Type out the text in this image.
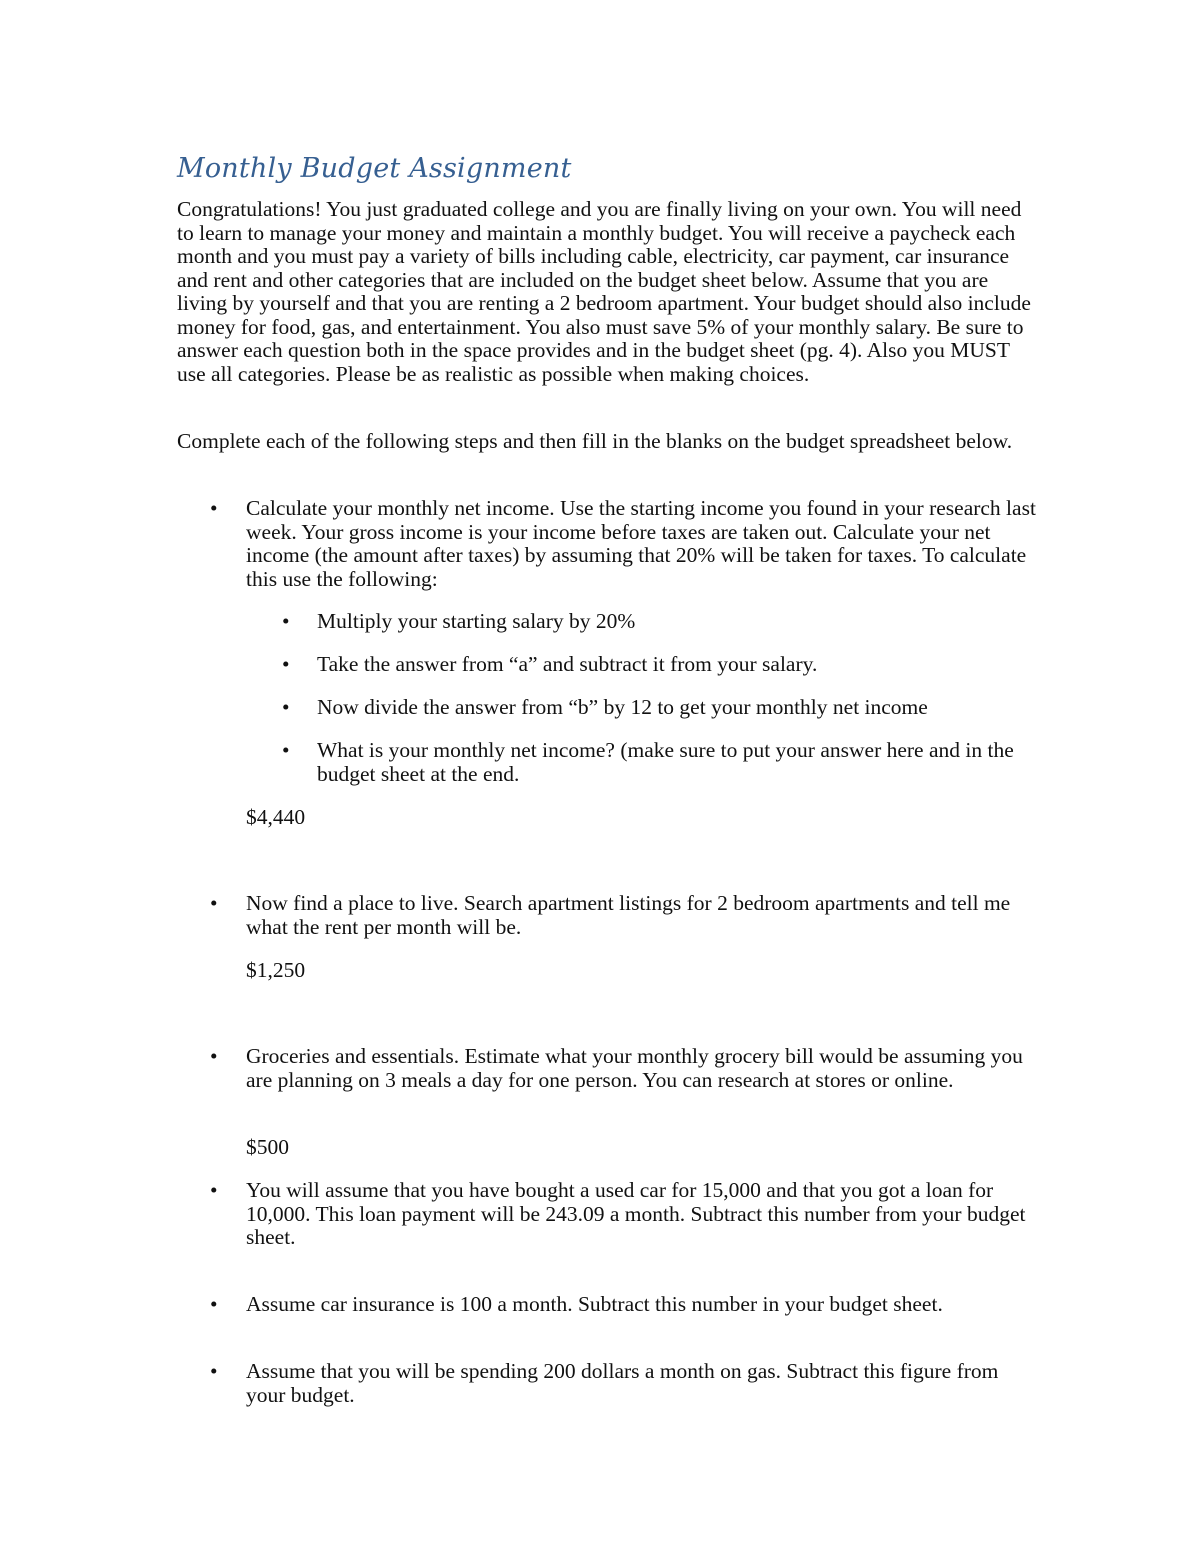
Monthly Budget Assignment
Congratulations! You just graduated college and you are finally living on your own. You will need to learn to manage your money and maintain a monthly budget. You will receive a paycheck each month and you must pay a variety of bills including cable, electricity, car payment, car insurance and rent and other categories that are included on the budget sheet below. Assume that you are living by yourself and that you are renting a 2 bedroom apartment. Your budget should also include money for food, gas, and entertainment. You also must save 5% of your monthly salary. Be sure to answer each question both in the space provides and in the budget sheet (pg. 4). Also you MUST use all categories. Please be as realistic as possible when making choices.
Complete each of the following steps and then fill in the blanks on the budget spreadsheet below.
• Calculate your monthly net income. Use the starting income you found in your research last week. Your gross income is your income before taxes are taken out. Calculate your net income (the amount after taxes) by assuming that 20% will be taken for taxes. To calculate this use the following:
• Multiply your starting salary by 20%
• Take the answer from “a” and subtract it from your salary.
• Now divide the answer from “b” by 12 to get your monthly net income
• What is your monthly net income? (make sure to put your answer here and in the budget sheet at the end.
$4,440
• Now find a place to live. Search apartment listings for 2 bedroom apartments and tell me what the rent per month will be.
$1,250
• Groceries and essentials. Estimate what your monthly grocery bill would be assuming you are planning on 3 meals a day for one person. You can research at stores or online.
$500
• You will assume that you have bought a used car for 15,000 and that you got a loan for 10,000. This loan payment will be 243.09 a month. Subtract this number from your budget sheet.
• Assume car insurance is 100 a month. Subtract this number in your budget sheet.
• Assume that you will be spending 200 dollars a month on gas. Subtract this figure from your budget.
